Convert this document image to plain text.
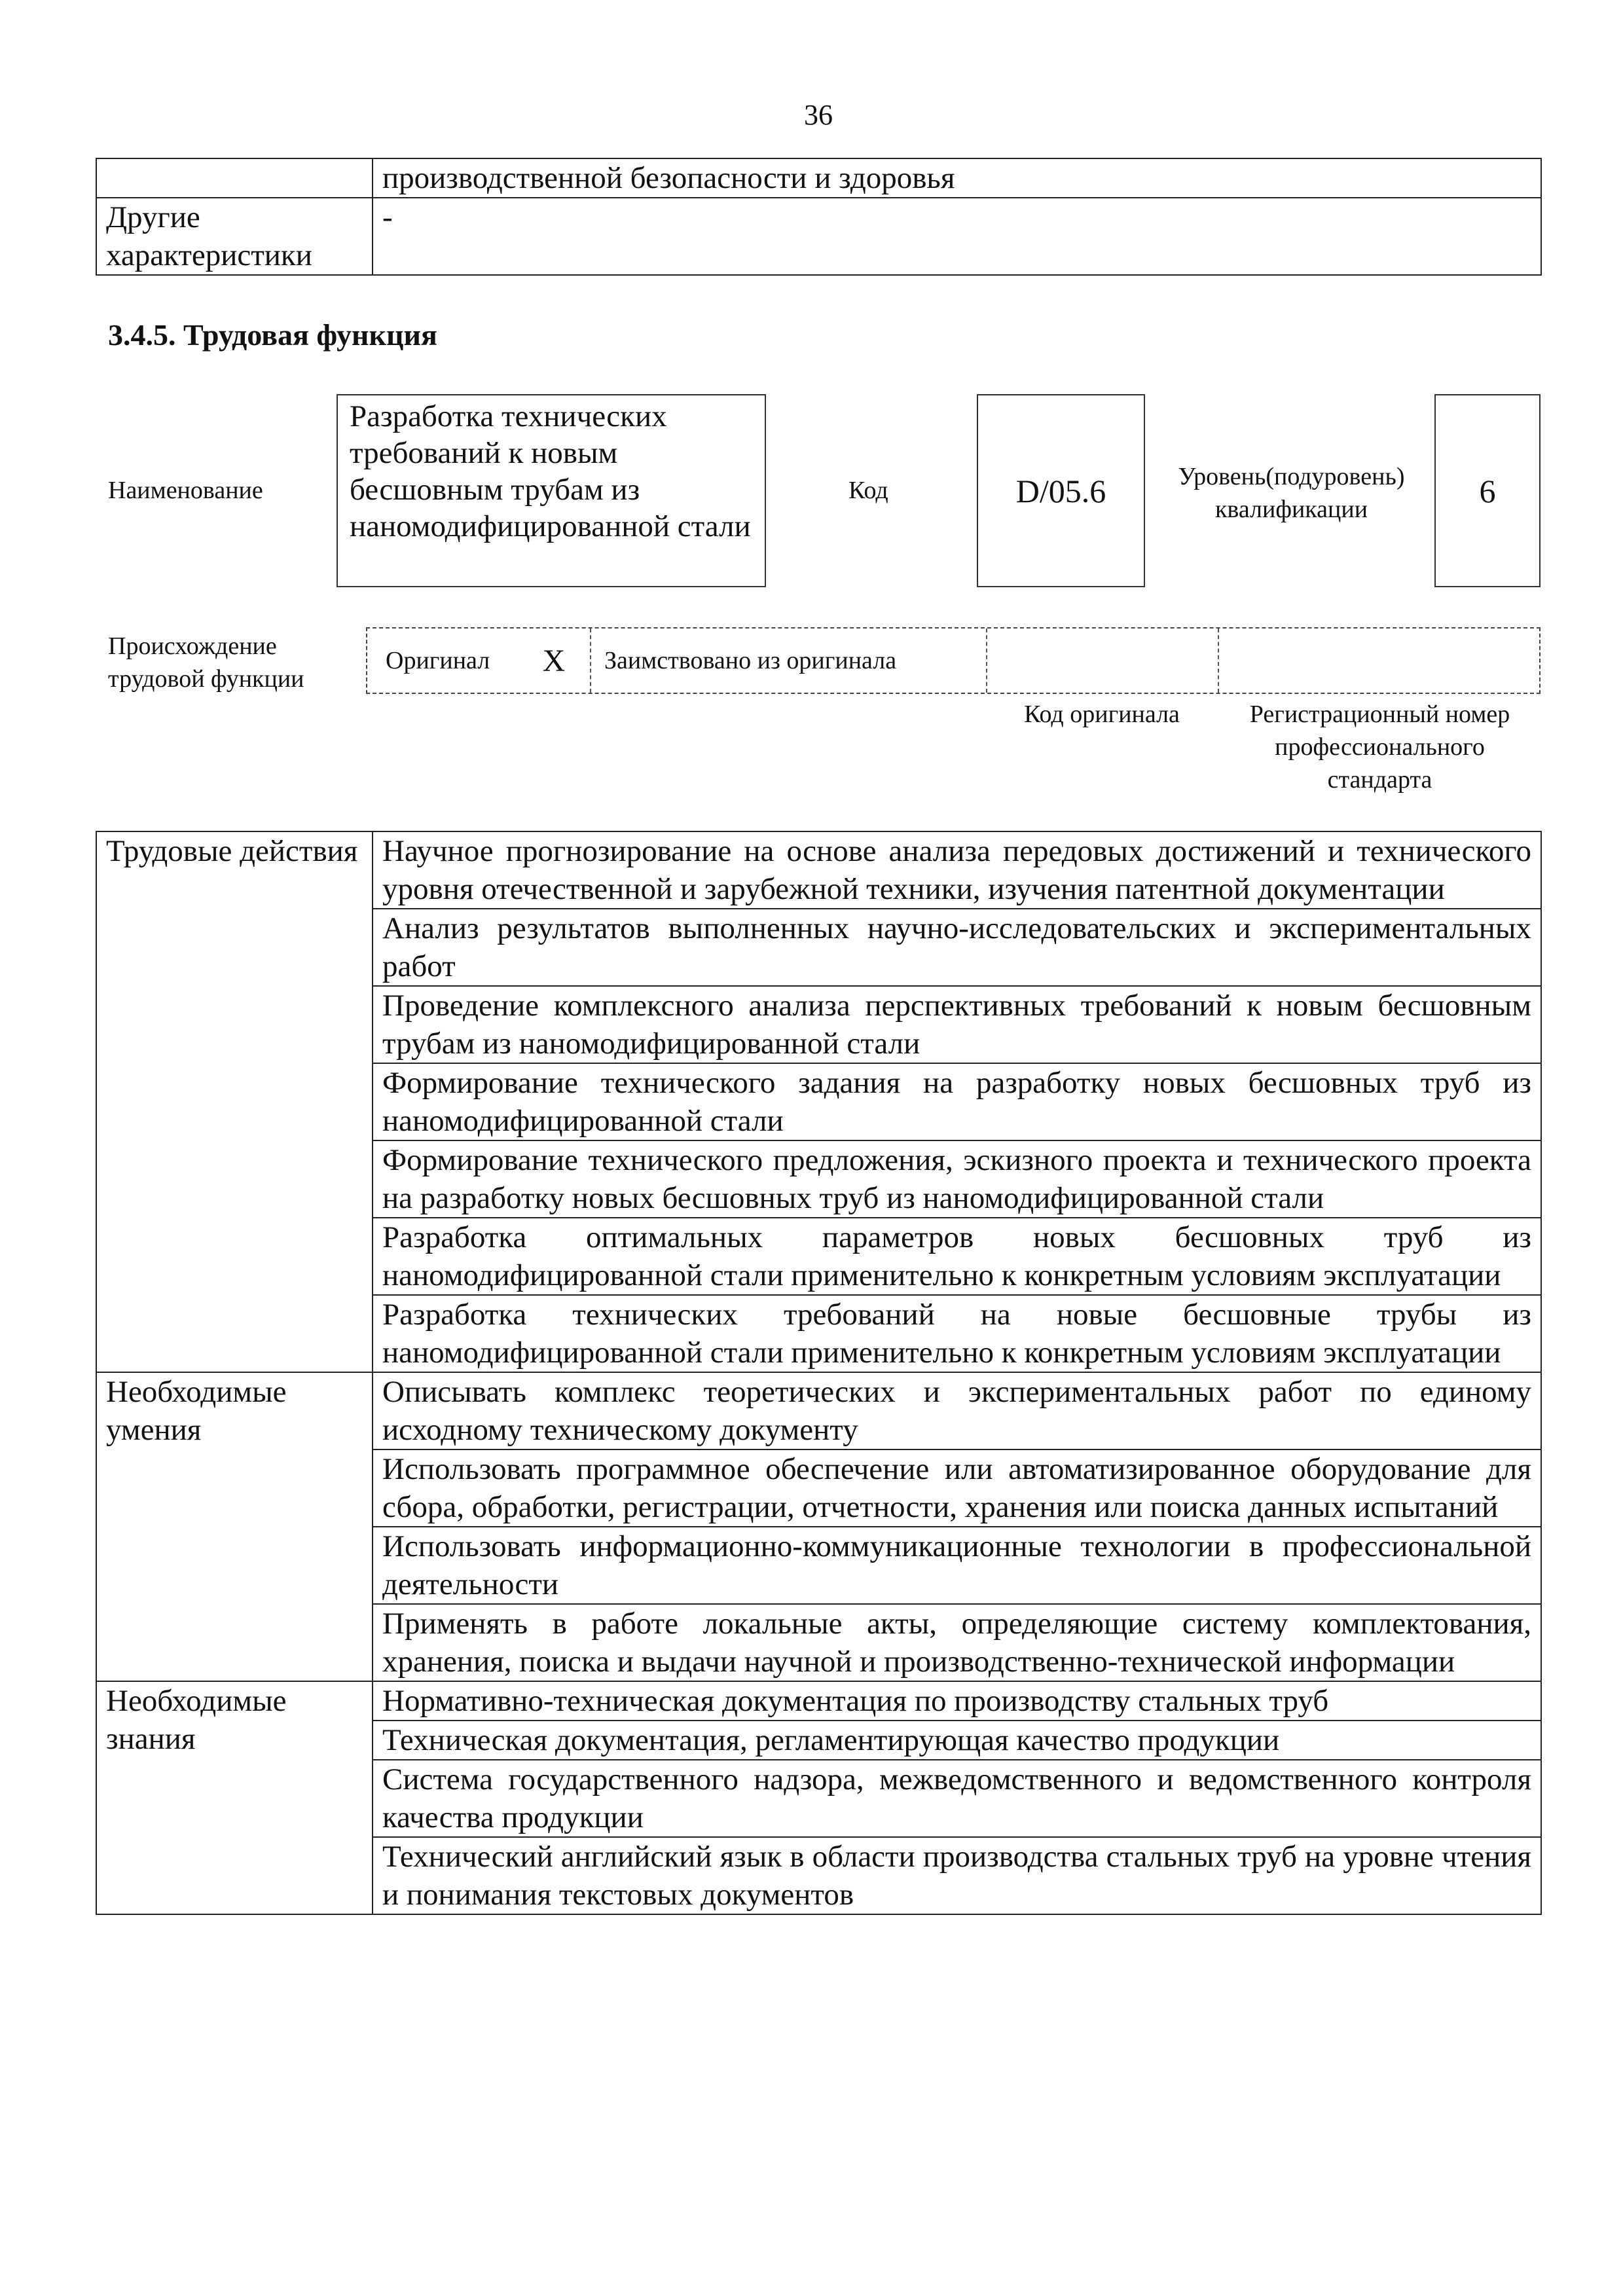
36
	производственной безопасности и здоровья
Другие характеристики	-
3.4.5. Трудовая функция
Наименование
Разработка технических требований к новым бесшовным трубам из наномодифицированной стали
Код	D/05.6	Уровень(подуровень)
квалификации
6
Происхождение
трудовой функции
Оригинал	X	Заимствовано из оригинала
Код оригинала	Регистрационный номер профессионального стандарта
Трудовые действия	Научное прогнозирование на основе анализа передовых достижений и технического уровня отечественной и зарубежной техники, изучения патентной документации
	Анализ результатов выполненных научно-исследовательских и экспериментальных работ
	Проведение комплексного анализа перспективных требований к новым бесшовным трубам из наномодифицированной стали
	Формирование технического задания на разработку новых бесшовных труб из наномодифицированной стали
	Формирование технического предложения, эскизного проекта и технического проекта на разработку новых бесшовных труб из наномодифицированной стали
	Разработка оптимальных параметров новых бесшовных труб из наномодифицированной стали применительно к конкретным условиям эксплуатации
	Разработка технических требований на новые бесшовные трубы из наномодифицированной стали применительно к конкретным условиям эксплуатации
Необходимые умения	Описывать комплекс теоретических и экспериментальных работ по единому исходному техническому документу
	Использовать программное обеспечение или автоматизированное оборудование для сбора, обработки, регистрации, отчетности, хранения или поиска данных испытаний
	Использовать информационно-коммуникационные технологии в профессиональной деятельности
	Применять в работе локальные акты, определяющие систему комплектования, хранения, поиска и выдачи научной и производственно-технической информации
Необходимые знания	Нормативно-техническая документация по производству стальных труб
	Техническая документация, регламентирующая качество продукции
	Система государственного надзора, межведомственного и ведомственного контроля качества продукции
	Технический английский язык в области производства стальных труб на уровне чтения и понимания текстовых документов
